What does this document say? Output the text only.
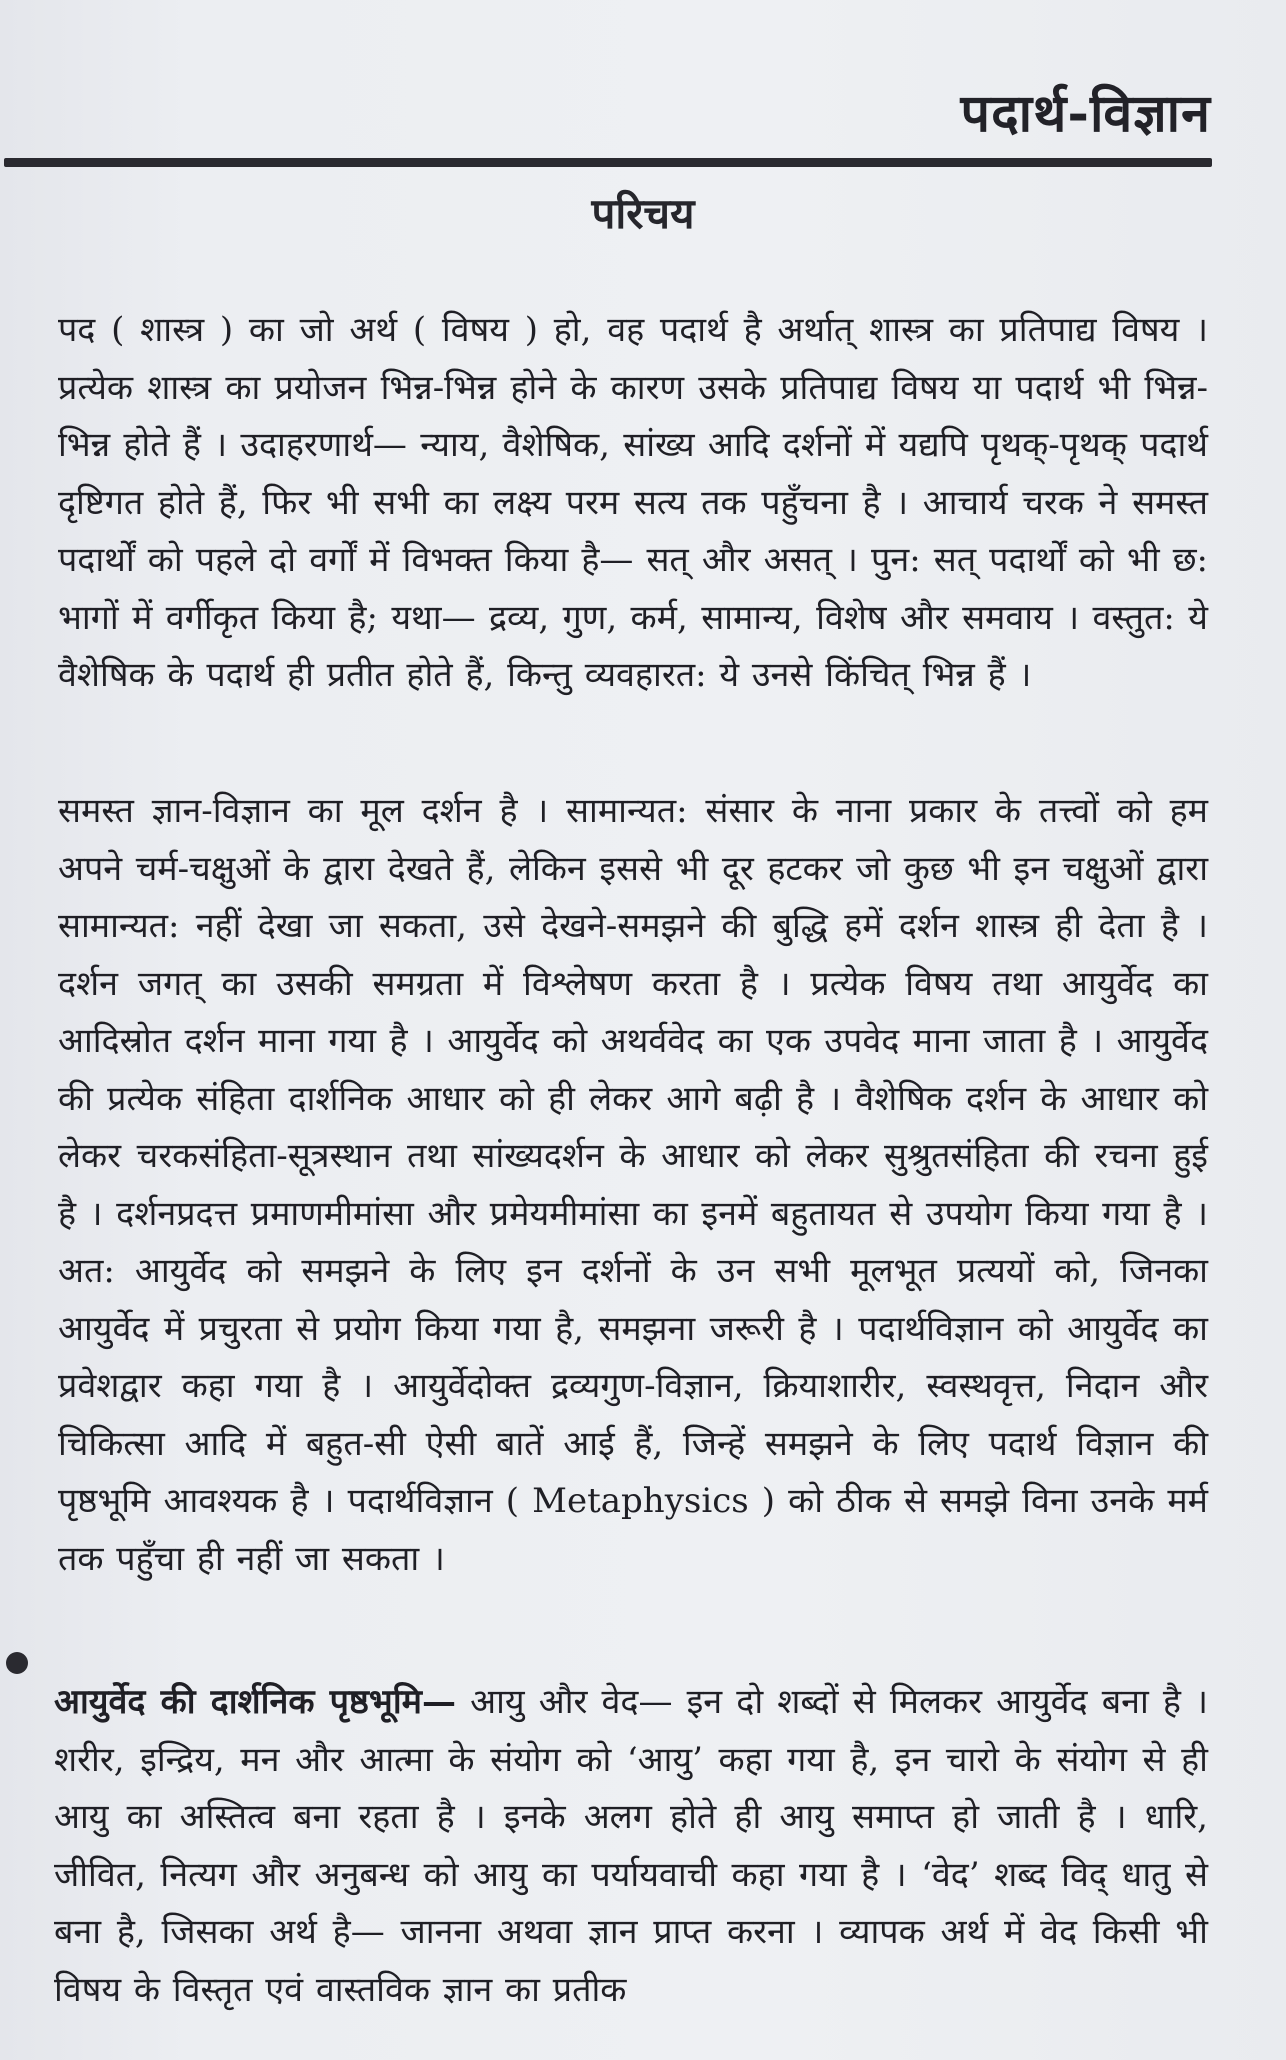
पदार्थ-विज्ञान
परिचय

पद ( शास्त्र ) का जो अर्थ ( विषय ) हो, वह पदार्थ है अर्थात् शास्त्र का प्रतिपाद्य विषय । प्रत्येक शास्त्र का प्रयोजन भिन्न-भिन्न होने के कारण उसके प्रतिपाद्य विषय या पदार्थ भी भिन्न-भिन्न होते हैं । उदाहरणार्थ— न्याय, वैशेषिक, सांख्य आदि दर्शनों में यद्यपि पृथक्-पृथक् पदार्थ दृष्टिगत होते हैं, फिर भी सभी का लक्ष्य परम सत्य तक पहुँचना है । आचार्य चरक ने समस्त पदार्थों को पहले दो वर्गों में विभक्त किया है— सत् और असत् । पुन: सत् पदार्थों को भी छ: भागों में वर्गीकृत किया है; यथा— द्रव्य, गुण, कर्म, सामान्य, विशेष और समवाय । वस्तुत: ये वैशेषिक के पदार्थ ही प्रतीत होते हैं, किन्तु व्यवहारत: ये उनसे किंचित् भिन्न हैं ।

समस्त ज्ञान-विज्ञान का मूल दर्शन है । सामान्यत: संसार के नाना प्रकार के तत्त्वों को हम अपने चर्म-चक्षुओं के द्वारा देखते हैं, लेकिन इससे भी दूर हटकर जो कुछ भी इन चक्षुओं द्वारा सामान्यत: नहीं देखा जा सकता, उसे देखने-समझने की बुद्धि हमें दर्शन शास्त्र ही देता है । दर्शन जगत् का उसकी समग्रता में विश्लेषण करता है । प्रत्येक विषय तथा आयुर्वेद का आदिस्रोत दर्शन माना गया है । आयुर्वेद को अथर्ववेद का एक उपवेद माना जाता है । आयुर्वेद की प्रत्येक संहिता दार्शनिक आधार को ही लेकर आगे बढ़ी है । वैशेषिक दर्शन के आधार को लेकर चरकसंहिता-सूत्रस्थान तथा सांख्यदर्शन के आधार को लेकर सुश्रुतसंहिता की रचना हुई है । दर्शनप्रदत्त प्रमाणमीमांसा और प्रमेयमीमांसा का इनमें बहुतायत से उपयोग किया गया है । अत: आयुर्वेद को समझने के लिए इन दर्शनों के उन सभी मूलभूत प्रत्ययों को, जिनका आयुर्वेद में प्रचुरता से प्रयोग किया गया है, समझना जरूरी है । पदार्थविज्ञान को आयुर्वेद का प्रवेशद्वार कहा गया है । आयुर्वेदोक्त द्रव्यगुण-विज्ञान, क्रियाशारीर, स्वस्थवृत्त, निदान और चिकित्सा आदि में बहुत-सी ऐसी बातें आई हैं, जिन्हें समझने के लिए पदार्थ विज्ञान की पृष्ठभूमि आवश्यक है । पदार्थविज्ञान ( Metaphysics ) को ठीक से समझे विना उनके मर्म तक पहुँचा ही नहीं जा सकता ।

आयुर्वेद की दार्शनिक पृष्ठभूमि— आयु और वेद— इन दो शब्दों से मिलकर आयुर्वेद बना है । शरीर, इन्द्रिय, मन और आत्मा के संयोग को ‘आयु’ कहा गया है, इन चारो के संयोग से ही आयु का अस्तित्व बना रहता है । इनके अलग होते ही आयु समाप्त हो जाती है । धारि, जीवित, नित्यग और अनुबन्ध को आयु का पर्यायवाची कहा गया है । ‘वेद’ शब्द विद् धातु से बना है, जिसका अर्थ है— जानना अथवा ज्ञान प्राप्त करना । व्यापक अर्थ में वेद किसी भी विषय के विस्तृत एवं वास्तविक ज्ञान का प्रतीक
